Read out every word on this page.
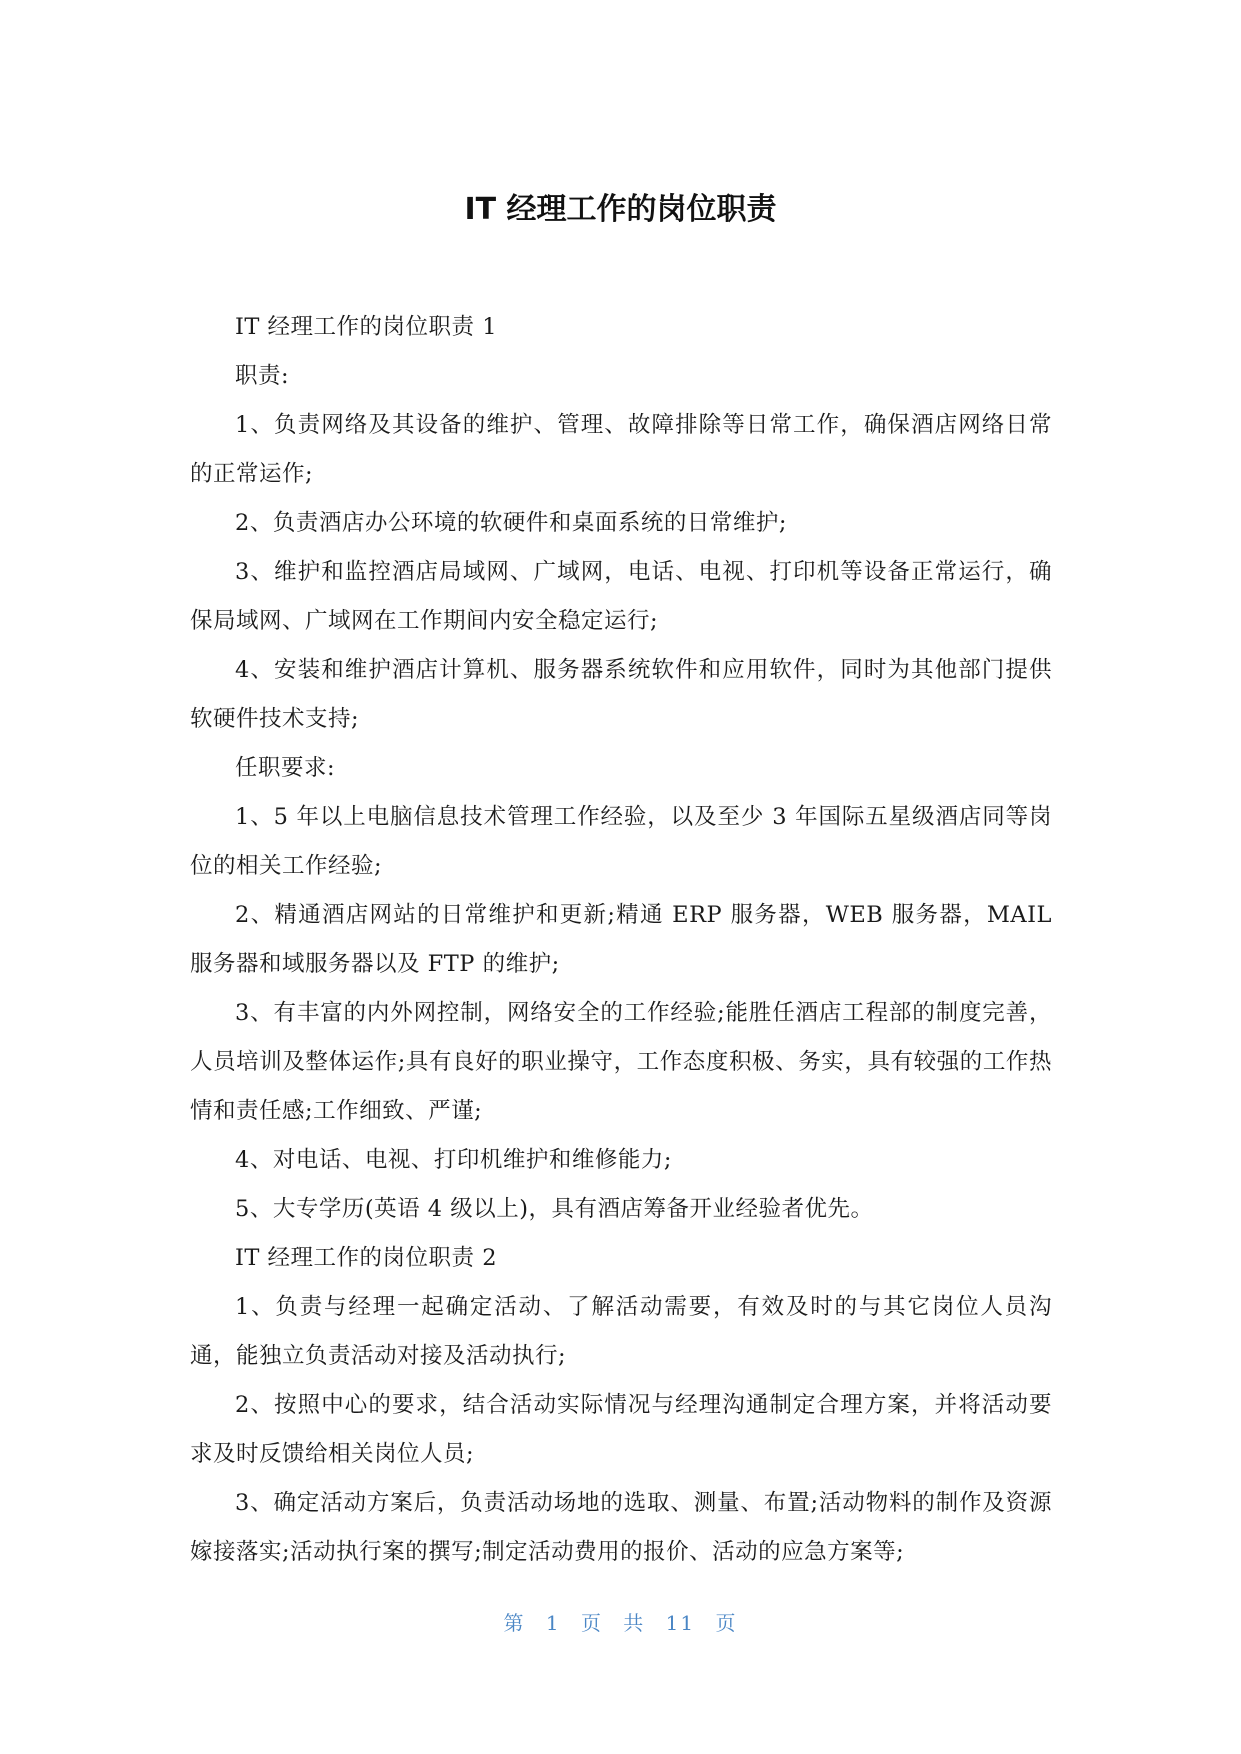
IT 经理工作的岗位职责

IT 经理工作的岗位职责 1

职责:

1、负责网络及其设备的维护、管理、故障排除等日常工作，确保酒店网络日常的正常运作;

2、负责酒店办公环境的软硬件和桌面系统的日常维护;

3、维护和监控酒店局域网、广域网，电话、电视、打印机等设备正常运行，确保局域网、广域网在工作期间内安全稳定运行;

4、安装和维护酒店计算机、服务器系统软件和应用软件，同时为其他部门提供软硬件技术支持;

任职要求:

1、5 年以上电脑信息技术管理工作经验，以及至少 3 年国际五星级酒店同等岗位的相关工作经验;

2、精通酒店网站的日常维护和更新;精通 ERP 服务器，WEB 服务器，MAIL 服务器和域服务器以及 FTP 的维护;

3、有丰富的内外网控制，网络安全的工作经验;能胜任酒店工程部的制度完善，人员培训及整体运作;具有良好的职业操守，工作态度积极、务实，具有较强的工作热情和责任感;工作细致、严谨;

4、对电话、电视、打印机维护和维修能力;

5、大专学历(英语 4 级以上)，具有酒店筹备开业经验者优先。

IT 经理工作的岗位职责 2

1、负责与经理一起确定活动、了解活动需要，有效及时的与其它岗位人员沟通，能独立负责活动对接及活动执行;

2、按照中心的要求，结合活动实际情况与经理沟通制定合理方案，并将活动要求及时反馈给相关岗位人员;

3、确定活动方案后，负责活动场地的选取、测量、布置;活动物料的制作及资源嫁接落实;活动执行案的撰写;制定活动费用的报价、活动的应急方案等;

第 1 页 共 11 页
